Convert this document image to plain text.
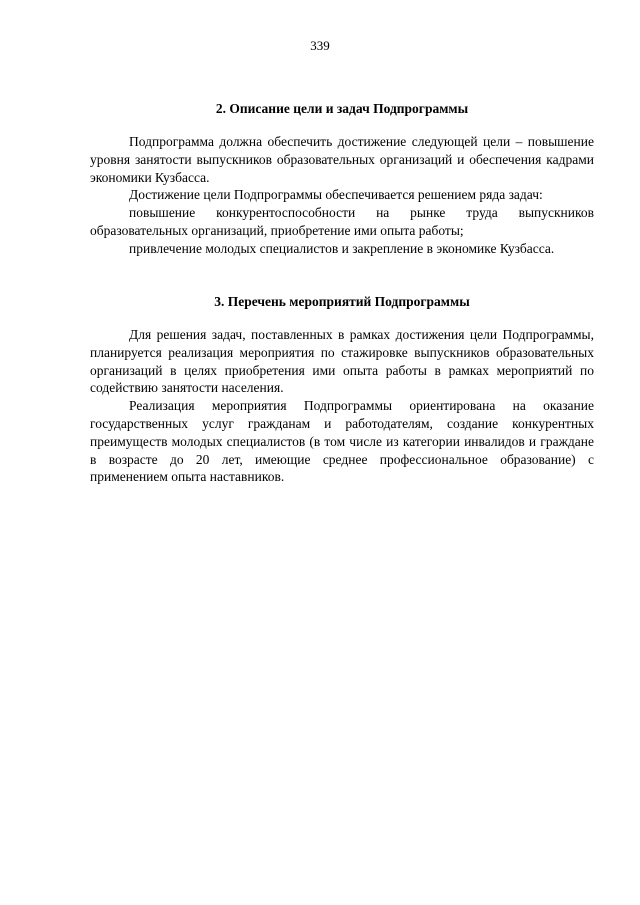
339
2. Описание цели и задач Подпрограммы

Подпрограмма должна обеспечить достижение следующей цели – повышение уровня занятости выпускников образовательных организаций и обеспечения кадрами экономики Кузбасса.

Достижение цели Подпрограммы обеспечивается решением ряда задач:

повышение конкурентоспособности на рынке труда выпускников образовательных организаций, приобретение ими опыта работы;

привлечение молодых специалистов и закрепление в экономике Кузбасса.

3. Перечень мероприятий Подпрограммы

Для решения задач, поставленных в рамках достижения цели Подпрограммы, планируется реализация мероприятия по стажировке выпускников образовательных организаций в целях приобретения ими опыта работы в рамках мероприятий по содействию занятости населения.

Реализация мероприятия Подпрограммы ориентирована на оказание государственных услуг гражданам и работодателям, создание конкурентных преимуществ молодых специалистов (в том числе из категории инвалидов и граждане в возрасте до 20 лет, имеющие среднее профессиональное образование) с применением опыта наставников.
